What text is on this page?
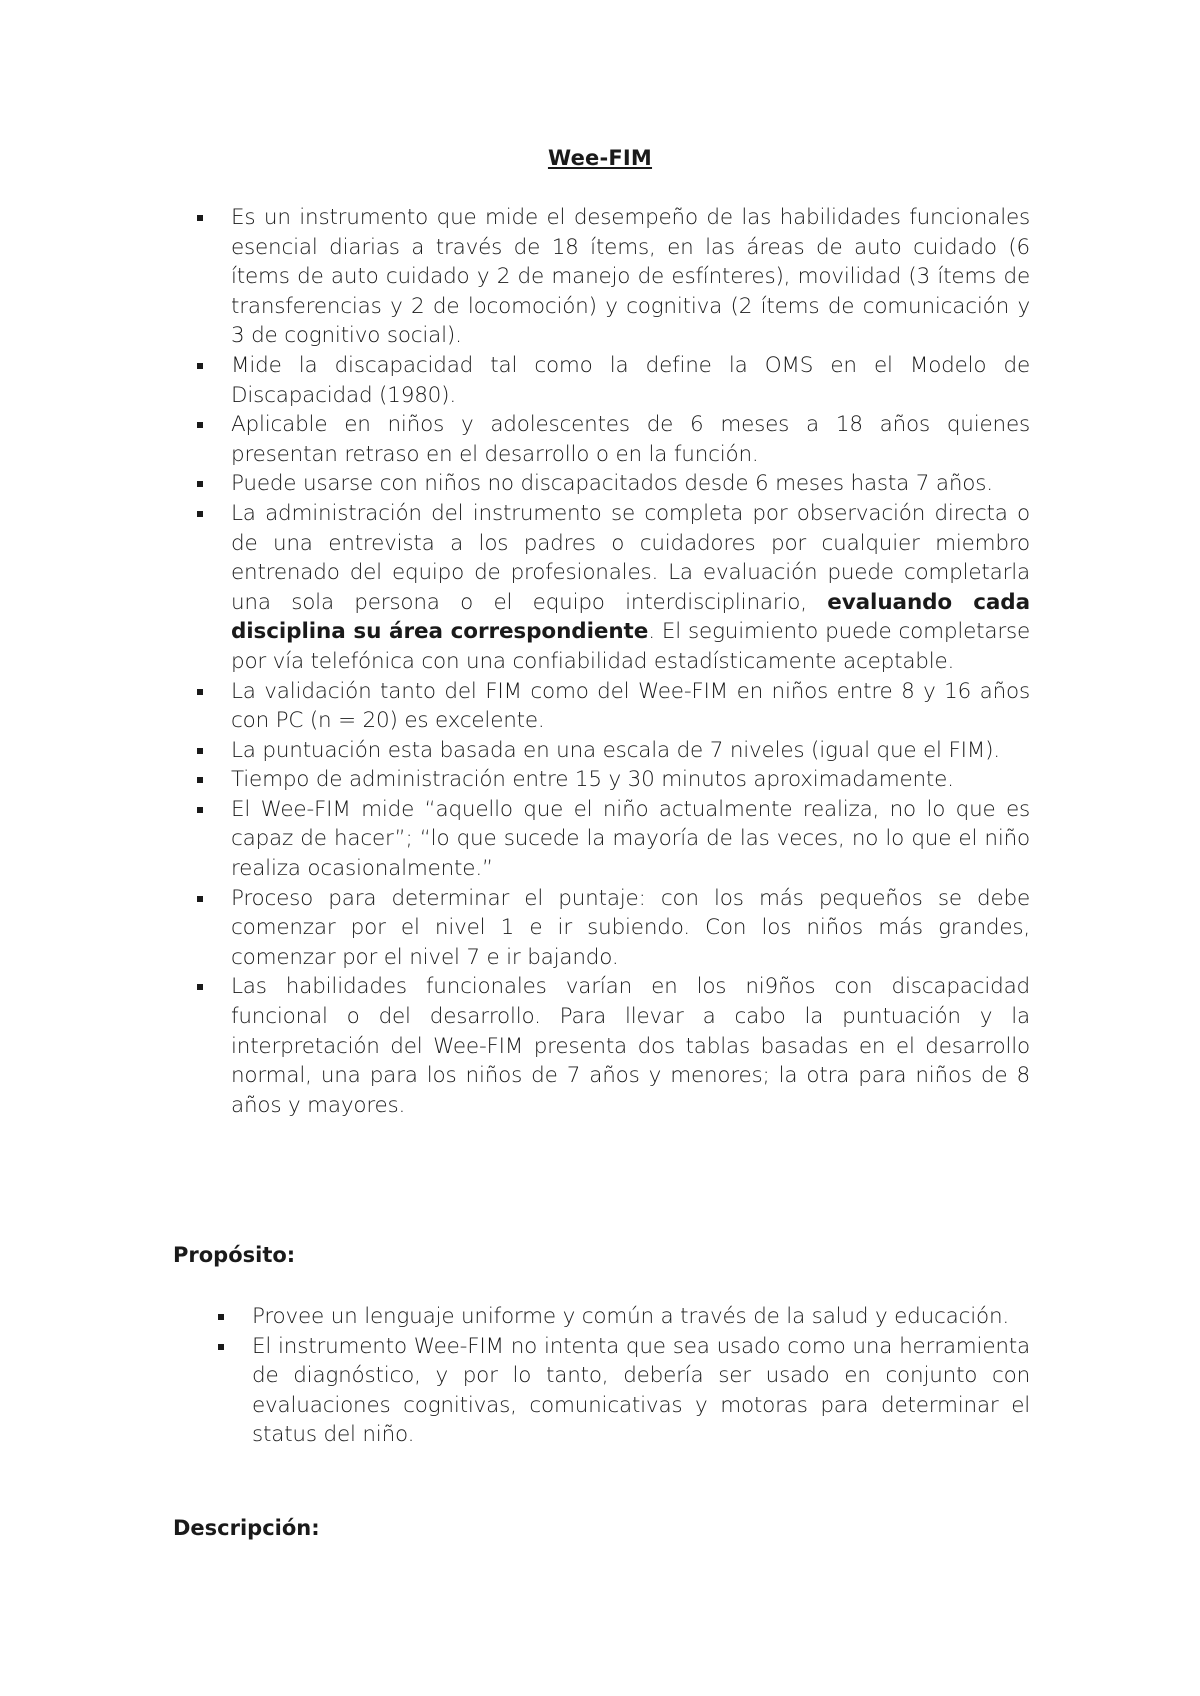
Wee-FIM
Es un instrumento que mide el desempeño de las habilidades funcionales esencial diarias a través de 18 ítems, en las áreas de auto cuidado (6 ítems de auto cuidado y 2 de manejo de esfínteres), movilidad (3 ítems de transferencias y 2 de locomoción) y cognitiva (2 ítems de comunicación y 3 de cognitivo social).
Mide la discapacidad tal como la define la OMS en el Modelo de Discapacidad (1980).
Aplicable en niños y adolescentes de 6 meses a 18 años quienes presentan retraso en el desarrollo o en la función.
Puede usarse con niños no discapacitados desde 6 meses hasta 7 años.
La administración del instrumento se completa por observación directa o de una entrevista a los padres o cuidadores por cualquier miembro entrenado del equipo de profesionales. La evaluación puede completarla una sola persona o el equipo interdisciplinario, evaluando cada disciplina su área correspondiente. El seguimiento puede completarse por vía telefónica con una confiabilidad estadísticamente aceptable.
La validación tanto del FIM como del Wee-FIM en niños entre 8 y 16 años con PC (n = 20) es excelente.
La puntuación esta basada en una escala de 7 niveles (igual que el FIM).
Tiempo de administración entre 15 y 30 minutos aproximadamente.
El Wee-FIM mide “aquello que el niño actualmente realiza, no lo que es capaz de hacer”; “lo que sucede la mayoría de las veces, no lo que el niño realiza ocasionalmente.”
Proceso para determinar el puntaje: con los más pequeños se debe comenzar por el nivel 1 e ir subiendo. Con los niños más grandes, comenzar por el nivel 7 e ir bajando.
Las habilidades funcionales varían en los ni9ños con discapacidad funcional o del desarrollo. Para llevar a cabo la puntuación y la interpretación del Wee-FIM presenta dos tablas basadas en el desarrollo normal, una para los niños de 7 años y menores; la otra para niños de 8 años y mayores.
Propósito:
Provee un lenguaje uniforme y común a través de la salud y educación.
El instrumento Wee-FIM no intenta que sea usado como una herramienta de diagnóstico, y por lo tanto, debería ser usado en conjunto con evaluaciones cognitivas, comunicativas y motoras para determinar el status del niño.
Descripción:
